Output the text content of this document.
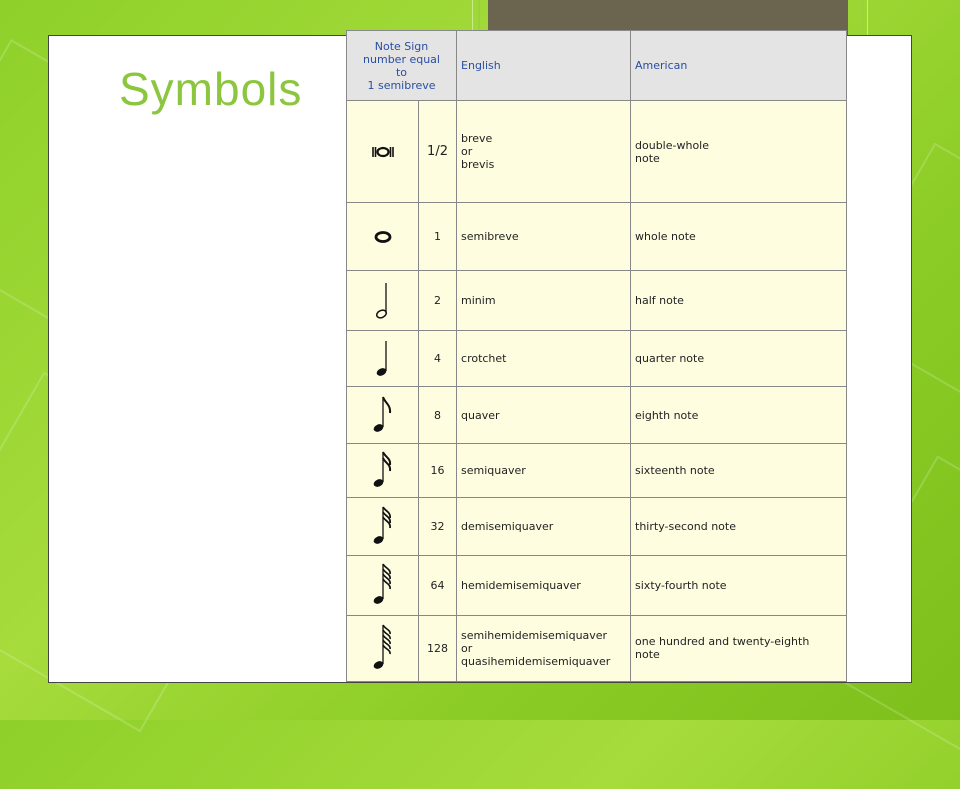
Symbols
Note Sign
number equal
to
1 semibreve		English	American

	1/2	breve
or
brevis	double-whole
note

	1	semibreve	whole note

	2	minim	half note

	4	crotchet	quarter note

	8	quaver	eighth note

	16	semiquaver	sixteenth note

	32	demisemiquaver	thirty-second note

	64	hemidemisemiquaver	sixty-fourth note

	128	semihemidemisemiquaver
or
quasihemidemisemiquaver	one hundred and twenty-eighth
note
